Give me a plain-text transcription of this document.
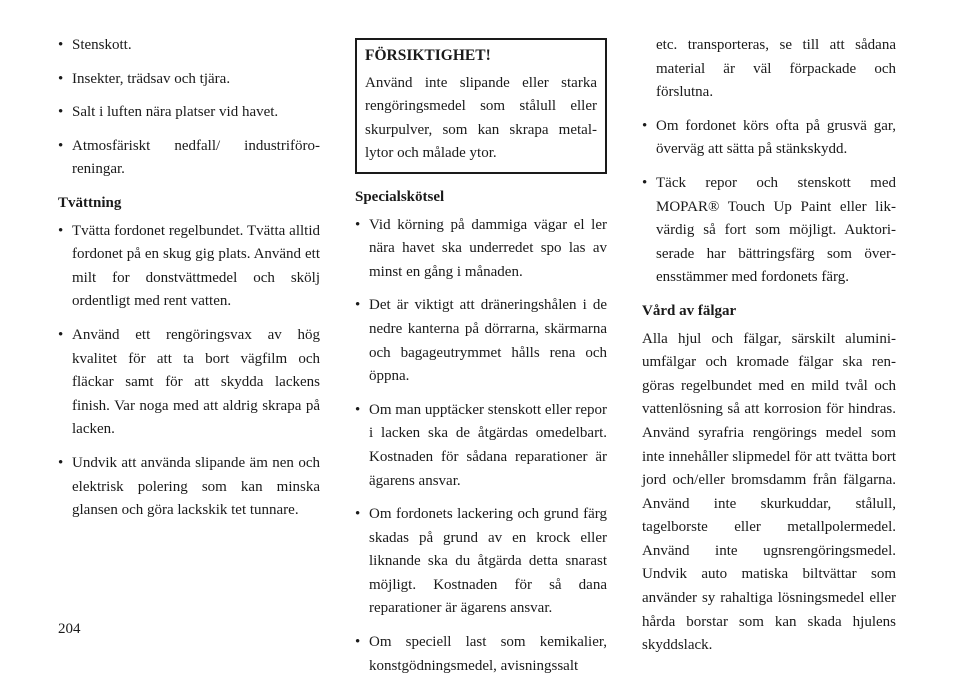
• Stenskott.
• Insekter, trädsav och tjära.
• Salt i luften nära platser vid havet.
• Atmosfäriskt nedfall/ industriföro reningar.
Tvättning
• Tvätta fordonet regelbundet. Tvätta alltid fordonet på en skug gig plats. Använd ett milt for donstvättmedel och skölj ordentligt med rent vatten.
• Använd ett rengöringsvax av hög kvalitet för att ta bort vägfilm och fläckar samt för att skydda lackens finish. Var noga med att aldrig skrapa på lacken.
• Undvik att använda slipande äm nen och elektrisk polering som kan minska glansen och göra lackskik tet tunnare.
FÖRSIKTIGHET!
Använd inte slipande eller starka rengöringsmedel som stålull eller skurpulver, som kan skrapa metal lytor och målade ytor.
Specialskötsel
• Vid körning på dammiga vägar el ler nära havet ska underredet spo las av minst en gång i månaden.
• Det är viktigt att dräneringshålen i de nedre kanterna på dörrarna, skärmarna och bagageutrymmet hålls rena och öppna.
• Om man upptäcker stenskott eller repor i lacken ska de åtgärdas omedelbart. Kostnaden för sådana reparationer är ägarens ansvar.
• Om fordonets lackering och grund färg skadas på grund av en krock eller liknande ska du åtgärda detta snarast möjligt. Kostnaden för så dana reparationer är ägarens ansvar.
• Om speciell last som kemikalier, konstgödningsmedel, avisningssalt
etc. transporteras, se till att sådana material är väl förpackade och förslutna.
• Om fordonet körs ofta på grusvä gar, överväg att sätta på stänkskydd.
• Täck repor och stenskott med MOPAR® Touch Up Paint eller lik värdig så fort som möjligt. Auktori serade har bättringsfärg som över ensstämmer med fordonets färg.
Vård av fälgar
Alla hjul och fälgar, särskilt alumini umfälgar och kromade fälgar ska ren göras regelbundet med en mild tvål och vattenlösning så att korrosion för hindras. Använd syrafria rengörings medel som inte innehåller slipmedel för att tvätta bort jord och/eller bromsdamm från fälgarna. Använd inte skurkuddar, stålull, tagelborste eller metallpolermedel. Använd inte ugnsrengöringsmedel. Undvik auto matiska biltvättar som använder sy rahaltiga lösningsmedel eller hårda borstar som kan skada hjulens skyddslack.
204
